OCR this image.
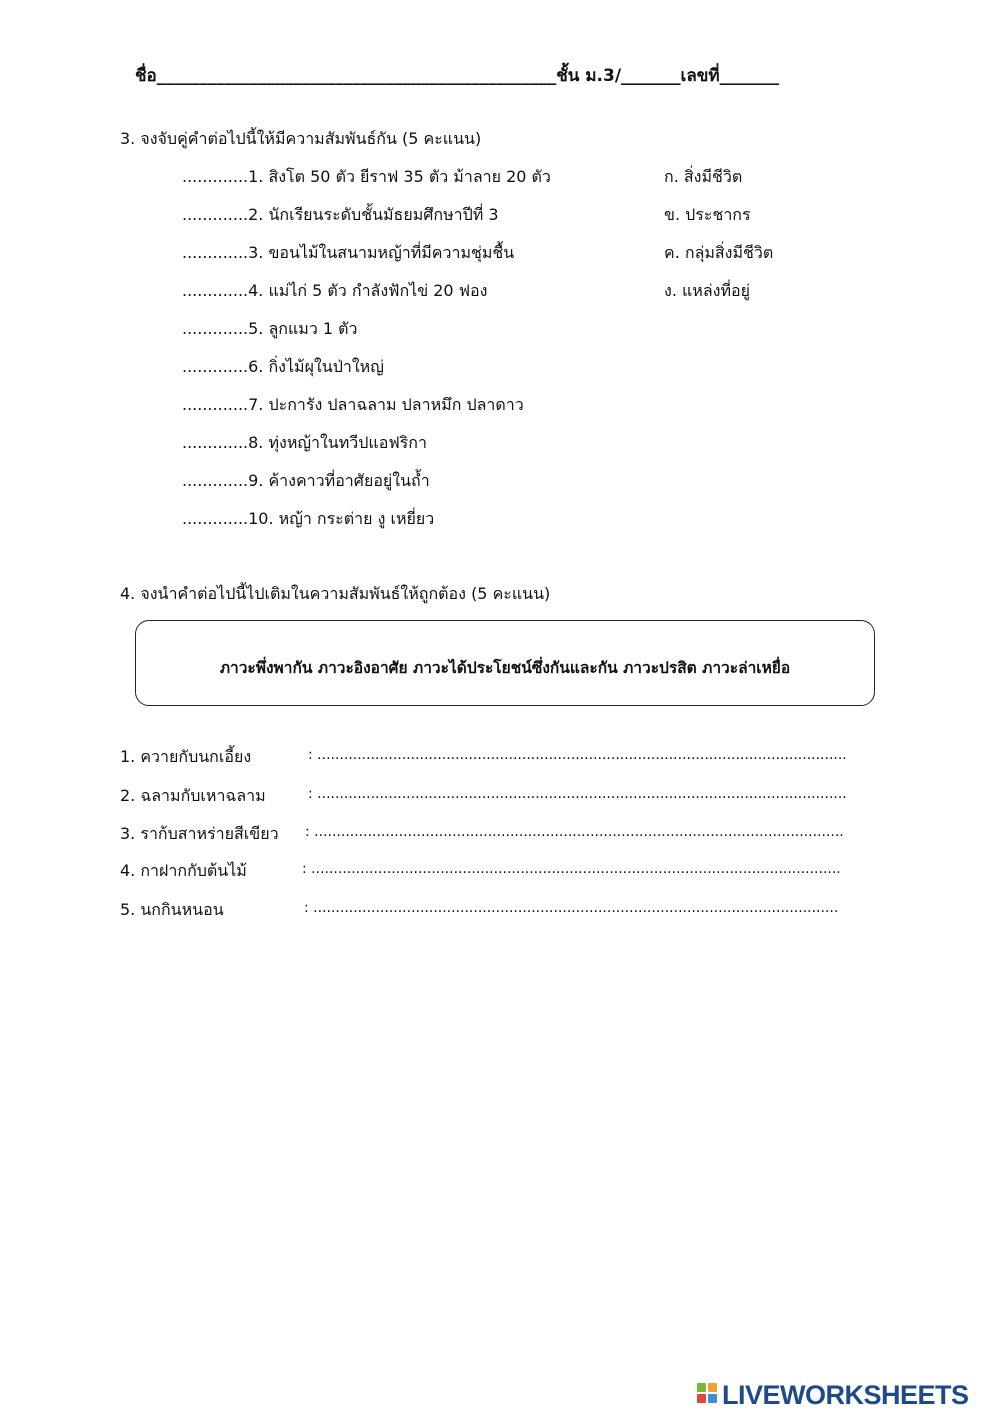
ชื่อ_______________________________________________ชั้น ม.3/_______เลขที่_______
3. จงจับคู่คำต่อไปนี้ให้มีความสัมพันธ์กัน (5 คะแนน)
.............1. สิงโต 50 ตัว ยีราฟ 35 ตัว ม้าลาย 20 ตัว
.............2. นักเรียนระดับชั้นมัธยมศึกษาปีที่ 3
.............3. ขอนไม้ในสนามหญ้าที่มีความชุ่มชื้น
.............4. แม่ไก่ 5 ตัว กำลังฟักไข่ 20 ฟอง
.............5. ลูกแมว 1 ตัว
.............6. กิ่งไม้ผุในป่าใหญ่
.............7. ปะการัง ปลาฉลาม ปลาหมึก ปลาดาว
.............8. ทุ่งหญ้าในทวีปแอฟริกา
.............9. ค้างคาวที่อาศัยอยู่ในถ้ำ
.............10. หญ้า กระต่าย งู เหยี่ยว
ก. สิ่งมีชีวิต
ข. ประชากร
ค. กลุ่มสิ่งมีชีวิต
ง. แหล่งที่อยู่
4. จงนำคำต่อไปนี้ไปเติมในความสัมพันธ์ให้ถูกต้อง (5 คะแนน)
ภาวะพึ่งพากัน ภาวะอิงอาศัย ภาวะได้ประโยชน์ซึ่งกันและกัน ภาวะปรสิต ภาวะล่าเหยื่อ
1. ควายกับนกเอี้ยง	: .......................................................................................................................
2. ฉลามกับเหาฉลาม	: .......................................................................................................................
3. ราก้บสาหร่ายสีเขียว : .......................................................................................................................
4. กาฝากกับต้นไม้	: .......................................................................................................................
5. นกกินหนอน	: ......................................................................................................................
LIVEWORKSHEETS
